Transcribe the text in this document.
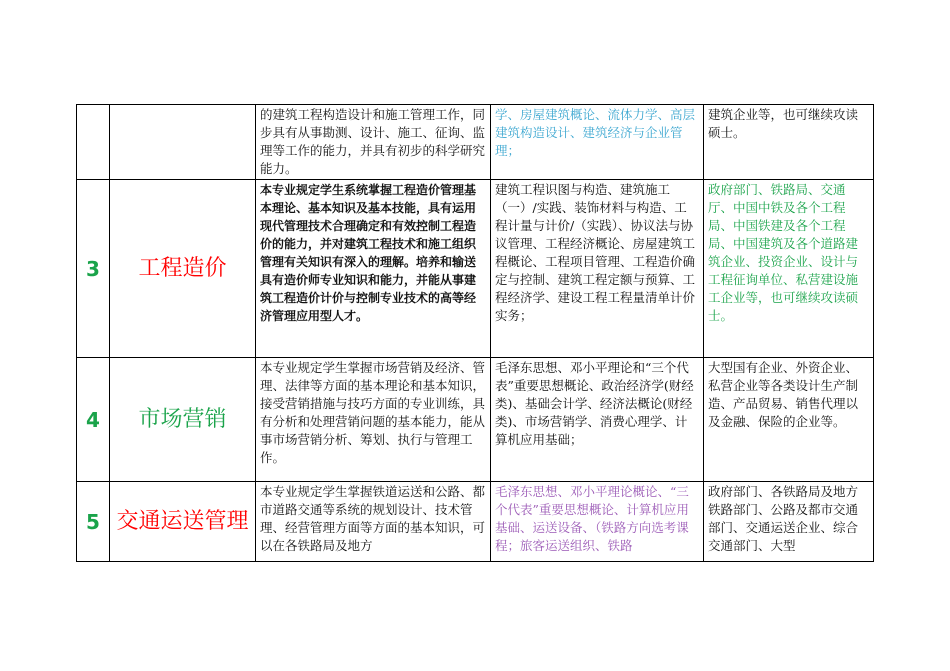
		的建筑工程构造设计和施工管理工作，同步具有从事勘测、设计、施工、征询、监理等工作的能力，并具有初步的科学研究能力。	学、房屋建筑概论、流体力学、高层建筑构造设计、建筑经济与企业管理；	建筑企业等，也可继续攻读硕士。
3	工程造价	本专业规定学生系统掌握工程造价管理基本理论、基本知识及基本技能，具有运用现代管理技术合理确定和有效控制工程造价的能力，并对建筑工程技术和施工组织管理有关知识有深入的理解。培养和输送具有造价师专业知识和能力，并能从事建筑工程造价计价与控制专业技术的高等经济管理应用型人才。	建筑工程识图与构造、建筑施工（一）/实践、装饰材料与构造、工程计量与计价/（实践）、协议法与协议管理、工程经济概论、房屋建筑工程概论、工程项目管理、工程造价确定与控制、建筑工程定额与预算、工程经济学、建设工程工程量清单计价实务；	政府部门、铁路局、交通厅、中国中铁及各个工程局、中国铁建及各个工程局、中国建筑及各个道路建筑企业、投资企业、设计与工程征询单位、私营建设施工企业等，也可继续攻读硕士。
4	市场营销	本专业规定学生掌握市场营销及经济、管理、法律等方面的基本理论和基本知识，接受营销措施与技巧方面的专业训练，具有分析和处理营销问题的基本能力，能从事市场营销分析、筹划、执行与管理工作。	毛泽东思想、邓小平理论和“三个代表”重要思想概论、政治经济学(财经类)、基础会计学、经济法概论(财经类)、市场营销学、消费心理学、计算机应用基础；	大型国有企业、外资企业、私营企业等各类设计生产制造、产品贸易、销售代理以及金融、保险的企业等。
5	交通运送管理	本专业规定学生掌握铁道运送和公路、都市道路交通等系统的规划设计、技术管理、经营管理方面等方面的基本知识，可以在各铁路局及地方	毛泽东思想、邓小平理论概论、“三个代表”重要思想概论、计算机应用基础、运送设备、（铁路方向选考课程；旅客运送组织、铁路	政府部门、各铁路局及地方铁路部门、公路及都市交通部门、交通运送企业、综合交通部门、大型
